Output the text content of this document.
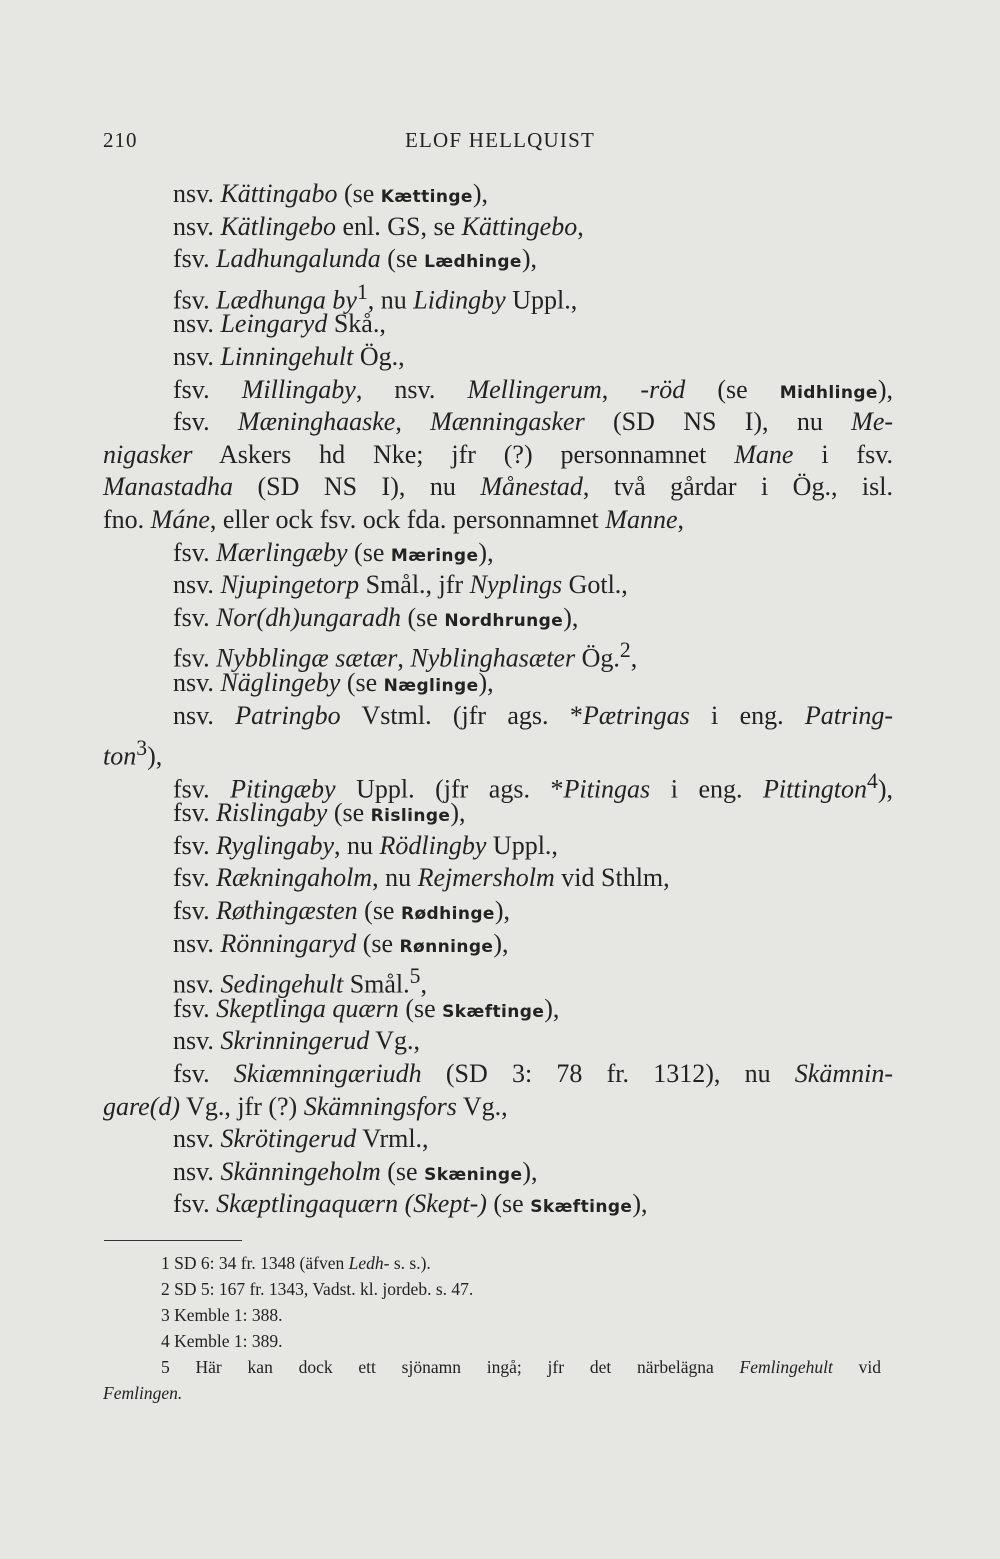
210	ELOF HELLQUIST
nsv. Kättingabo (se Kættinge),
nsv. Kätlingebo enl. GS, se Kättingebo,
fsv. Ladhungalunda (se Lædhinge),
fsv. Lædhunga $by^1$, nu Lidingby Uppl.,
nsv. Leingaryd Skå.,
nsv. Linningehult Ög.,
fsv. Millingaby, nsv. Mellingerum, -röd (se Midhlinge),
fsv. Mæninghaaske, Mænningasker (SD NS I), nu Me-
nigasker Askers hd Nke; jfr (?) personnamnet Mane i fsv.
Manastadha (SD NS I), nu Månestad, två gårdar i Ög., isl.
fno. Máne, eller ock fsv. ock fda. personnamnet Manne,
fsv. Mærlingæby (se Mæringe),
nsv. Njupingetorp Smål., jfr Nyplings Gotl.,
fsv. Nor(dh)ungaradh (se Nordhrunge),
fsv. Nybblingæ sætær, Nyblinghasæter Ög.$^2$,
nsv. Näglingeby (se Næglinge),
nsv. Patringbo Vstml. (jfr ags. *Pætringas i eng. Patring-
ton$^3$),
fsv. Pitingæby Uppl. (jfr ags. *Pitingas i eng. Pittington$^4$),
fsv. Rislingaby (se Rislinge),
fsv. Ryglingaby, nu Rödlingby Uppl.,
fsv. Rækningaholm, nu Rejmersholm vid Sthlm,
fsv. Røthingæsten (se Rødhinge),
nsv. Rönningaryd (se Rønninge),
nsv. Sedingehult Smål.$^5$,
fsv. Skeptlinga quærn (se Skæftinge),
nsv. Skrinningerud Vg.,
fsv. Skiæmningæriudh (SD 3: 78 fr. 1312), nu Skämnin-
gare(d) Vg., jfr (?) Skämningsfors Vg.,
nsv. Skrötingerud Vrml.,
nsv. Skänningeholm (se Skæninge),
fsv. Skæptlingaquærn (Skept-) (se Skæftinge),
1 SD 6: 34 fr. 1348 (äfven Ledh- s. s.).
2 SD 5: 167 fr. 1343, Vadst. kl. jordeb. s. 47.
3 Kemble 1: 388.
4 Kemble 1: 389.
5 Här kan dock ett sjönamn ingå; jfr det närbelägna Femlingehult vid
Femlingen.
